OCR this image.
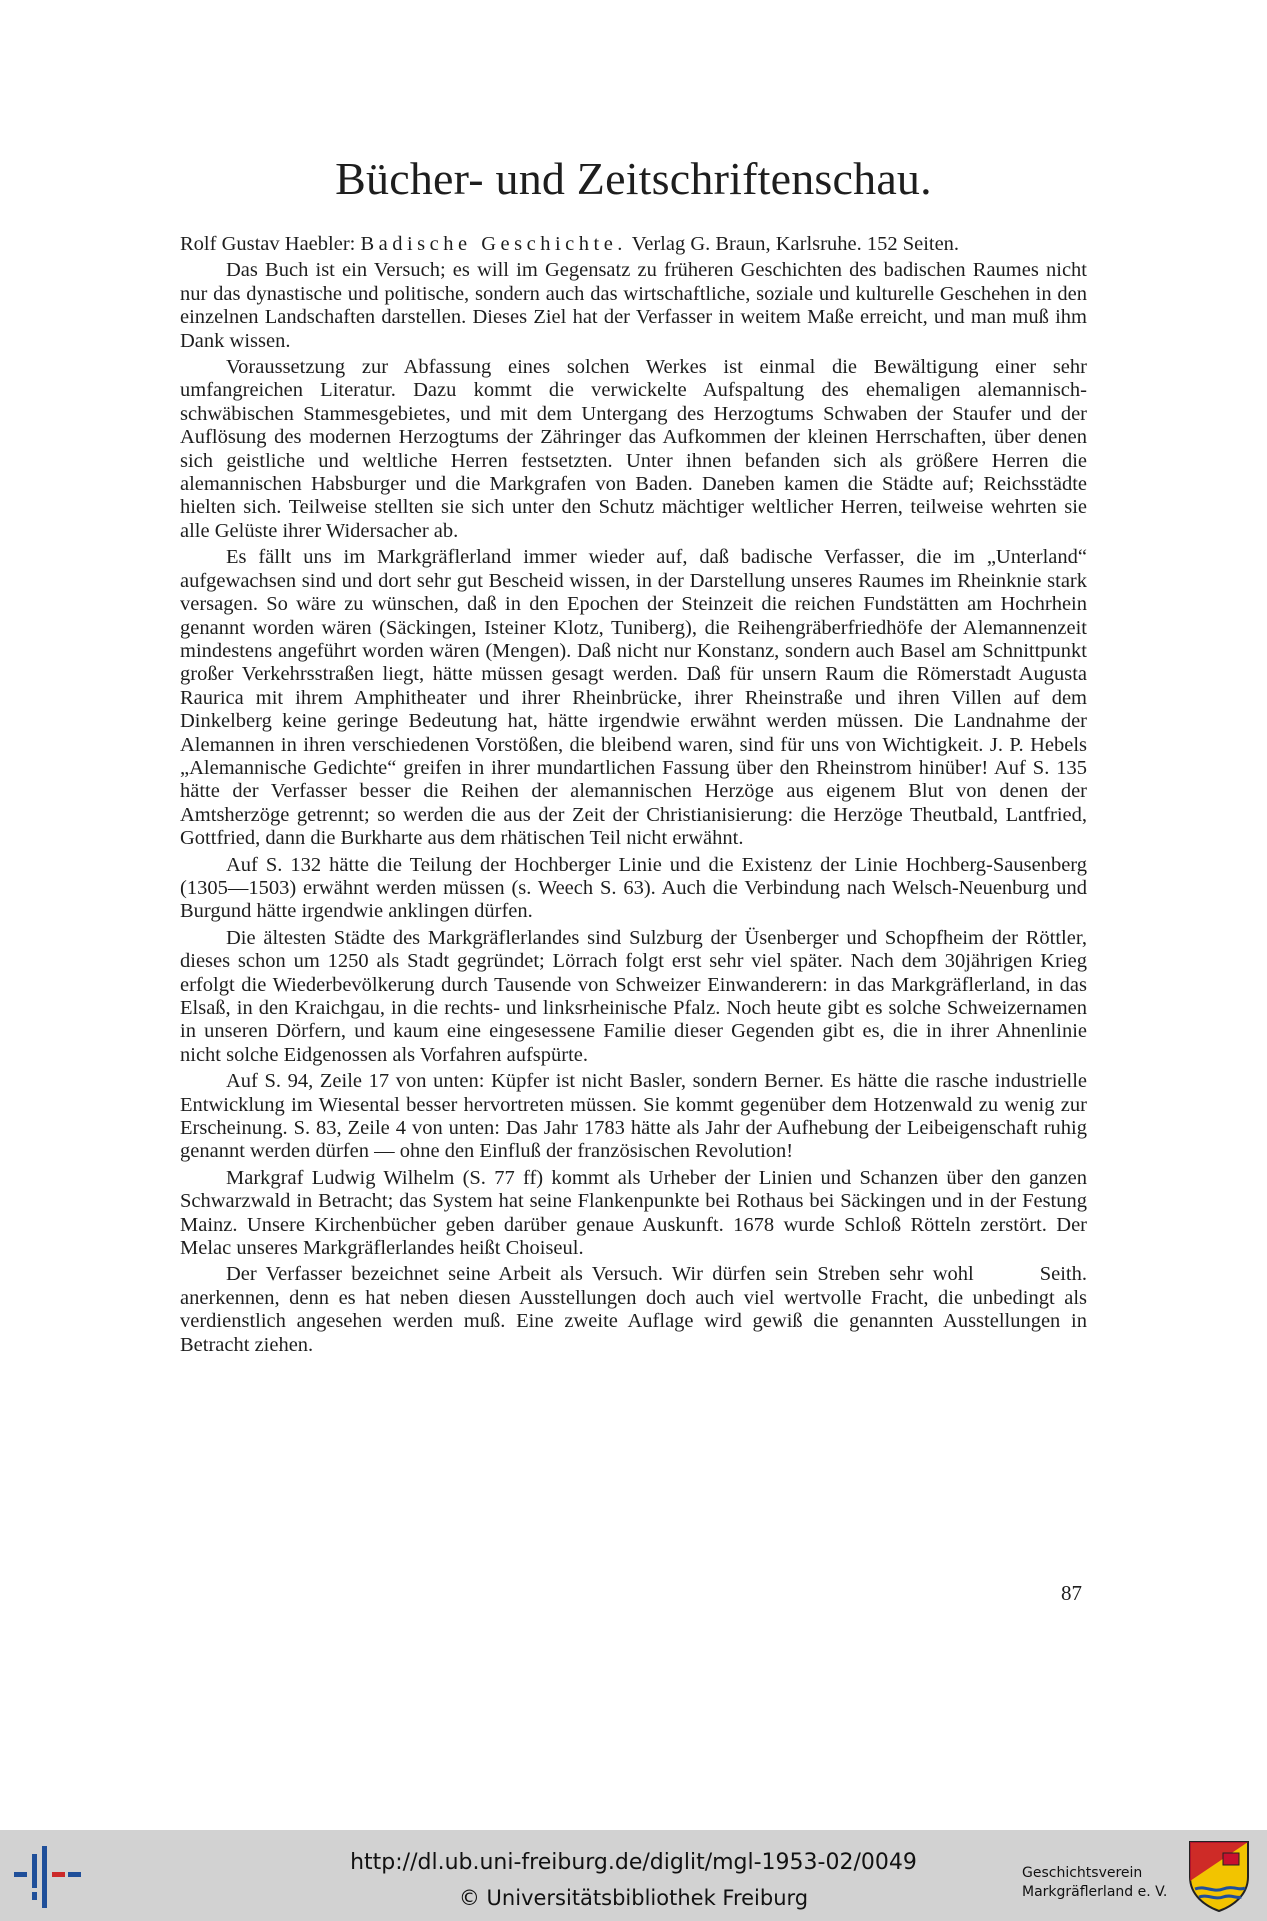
Bücher- und Zeitschriftenschau.

Rolf Gustav Haebler: Badische Geschichte. Verlag G. Braun, Karlsruhe. 152 Seiten.

Das Buch ist ein Versuch; es will im Gegensatz zu früheren Geschichten des badischen Raumes nicht nur das dynastische und politische, sondern auch das wirtschaftliche, soziale und kulturelle Geschehen in den einzelnen Landschaften darstellen. Dieses Ziel hat der Verfasser in weitem Maße erreicht, und man muß ihm Dank wissen.

Voraussetzung zur Abfassung eines solchen Werkes ist einmal die Bewältigung einer sehr umfangreichen Literatur. Dazu kommt die verwickelte Aufspaltung des ehemaligen alemannisch-schwäbischen Stammesgebietes, und mit dem Untergang des Herzogtums Schwaben der Staufer und der Auflösung des modernen Herzogtums der Zähringer das Aufkommen der kleinen Herrschaften, über denen sich geistliche und weltliche Herren festsetzten. Unter ihnen befanden sich als größere Herren die alemannischen Habsburger und die Markgrafen von Baden. Daneben kamen die Städte auf; Reichsstädte hielten sich. Teilweise stellten sie sich unter den Schutz mächtiger weltlicher Herren, teilweise wehrten sie alle Gelüste ihrer Widersacher ab.

Es fällt uns im Markgräflerland immer wieder auf, daß badische Verfasser, die im „Unterland“ aufgewachsen sind und dort sehr gut Bescheid wissen, in der Darstellung unseres Raumes im Rheinknie stark versagen. So wäre zu wünschen, daß in den Epochen der Steinzeit die reichen Fundstätten am Hochrhein genannt worden wären (Säckingen, Isteiner Klotz, Tuniberg), die Reihengräberfriedhöfe der Alemannenzeit mindestens angeführt worden wären (Mengen). Daß nicht nur Konstanz, sondern auch Basel am Schnittpunkt großer Verkehrsstraßen liegt, hätte müssen gesagt werden. Daß für unsern Raum die Römerstadt Augusta Raurica mit ihrem Amphitheater und ihrer Rheinbrücke, ihrer Rheinstraße und ihren Villen auf dem Dinkelberg keine geringe Bedeutung hat, hätte irgendwie erwähnt werden müssen. Die Landnahme der Alemannen in ihren verschiedenen Vorstößen, die bleibend waren, sind für uns von Wichtigkeit. J. P. Hebels „Alemannische Gedichte“ greifen in ihrer mundartlichen Fassung über den Rheinstrom hinüber! Auf S. 135 hätte der Verfasser besser die Reihen der alemannischen Herzöge aus eigenem Blut von denen der Amtsherzöge getrennt; so werden die aus der Zeit der Christianisierung: die Herzöge Theutbald, Lantfried, Gottfried, dann die Burkharte aus dem rhätischen Teil nicht erwähnt.

Auf S. 132 hätte die Teilung der Hochberger Linie und die Existenz der Linie Hochberg-Sausenberg (1305—1503) erwähnt werden müssen (s. Weech S. 63). Auch die Verbindung nach Welsch-Neuenburg und Burgund hätte irgendwie anklingen dürfen.

Die ältesten Städte des Markgräflerlandes sind Sulzburg der Üsenberger und Schopfheim der Röttler, dieses schon um 1250 als Stadt gegründet; Lörrach folgt erst sehr viel später. Nach dem 30jährigen Krieg erfolgt die Wiederbevölkerung durch Tausende von Schweizer Einwanderern: in das Markgräflerland, in das Elsaß, in den Kraichgau, in die rechts- und linksrheinische Pfalz. Noch heute gibt es solche Schweizernamen in unseren Dörfern, und kaum eine eingesessene Familie dieser Gegenden gibt es, die in ihrer Ahnenlinie nicht solche Eidgenossen als Vorfahren aufspürte.

Auf S. 94, Zeile 17 von unten: Küpfer ist nicht Basler, sondern Berner. Es hätte die rasche industrielle Entwicklung im Wiesental besser hervortreten müssen. Sie kommt gegenüber dem Hotzenwald zu wenig zur Erscheinung. S. 83, Zeile 4 von unten: Das Jahr 1783 hätte als Jahr der Aufhebung der Leibeigenschaft ruhig genannt werden dürfen — ohne den Einfluß der französischen Revolution!

Markgraf Ludwig Wilhelm (S. 77 ff) kommt als Urheber der Linien und Schanzen über den ganzen Schwarzwald in Betracht; das System hat seine Flankenpunkte bei Rothaus bei Säckingen und in der Festung Mainz. Unsere Kirchenbücher geben darüber genaue Auskunft. 1678 wurde Schloß Rötteln zerstört. Der Melac unseres Markgräflerlandes heißt Choiseul.

Seith.
Der Verfasser bezeichnet seine Arbeit als Versuch. Wir dürfen sein Streben sehr wohl anerkennen, denn es hat neben diesen Ausstellungen doch auch viel wertvolle Fracht, die unbedingt als verdienstlich angesehen werden muß. Eine zweite Auflage wird gewiß die genannten Ausstellungen in Betracht ziehen.

87
http://dl.ub.uni-freiburg.de/diglit/mgl-1953-02/0049
© Universitätsbibliothek Freiburg
Geschichtsverein
Markgräflerland e. V.
